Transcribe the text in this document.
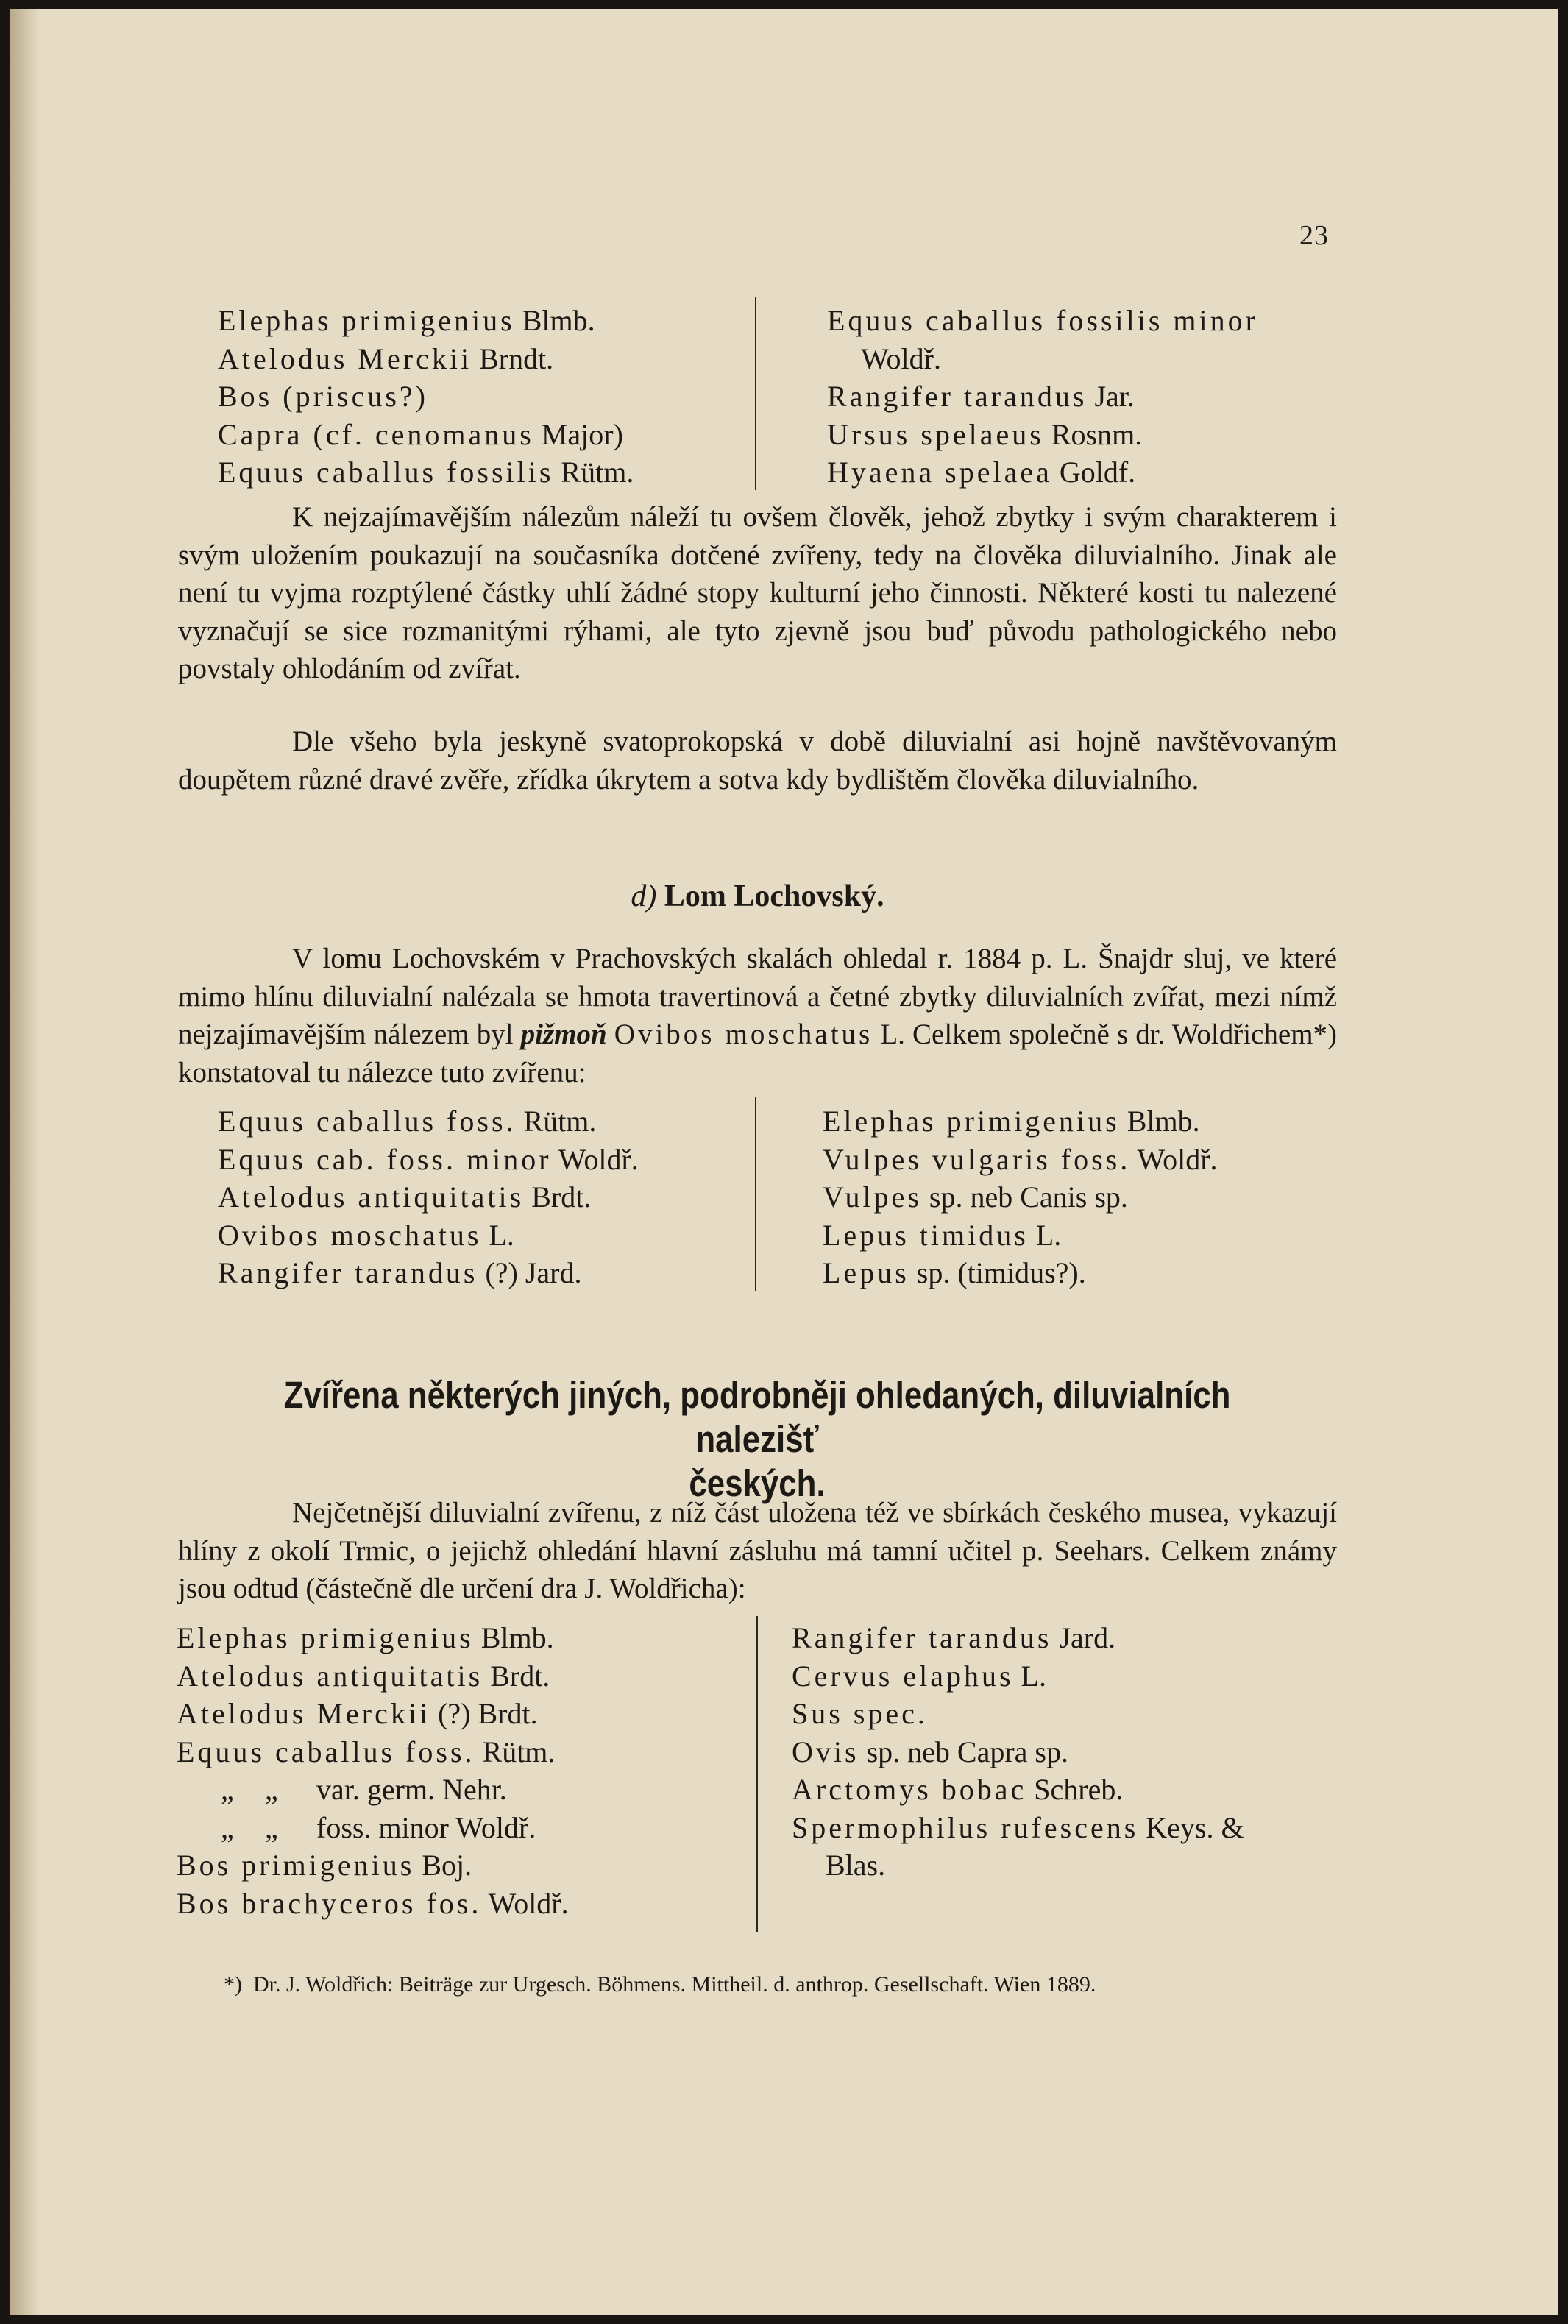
23
Elephas primigenius Blmb.
Atelodus Merckii Brndt.
Bos (priscus?)
Capra (cf. cenomanus Major)
Equus caballus fossilis Rütm.
Equus caballus fossilis minor
Woldř.
Rangifer tarandus Jar.
Ursus spelaeus Rosnm.
Hyaena spelaea Goldf.

K nejzajímavějším nálezům náleží tu ovšem člověk, jehož zbytky i svým charakterem i svým uložením poukazují na současníka dotčené zvířeny, tedy na člověka diluvialního. Jinak ale není tu vyjma rozptýlené částky uhlí žádné stopy kulturní jeho činnosti. Některé kosti tu nalezené vyznačují se sice rozmanitými rýhami, ale tyto zjevně jsou buď původu pathologického nebo povstaly ohlodáním od zvířat.

Dle všeho byla jeskyně svatoprokopská v době diluvialní asi hojně navštěvovaným doupětem různé dravé zvěře, zřídka úkrytem a sotva kdy bydlištěm člověka diluvialního.

d) Lom Lochovský.

V lomu Lochovském v Prachovských skalách ohledal r. 1884 p. L. Šnajdr sluj, ve které mimo hlínu diluvialní nalézala se hmota travertinová a četné zbytky diluvialních zvířat, mezi nímž nejzajímavějším nálezem byl pižmoň Ovibos moschatus L. Celkem společně s dr. Woldřichem*) konstatoval tu nálezce tuto zvířenu:

Equus caballus foss. Rütm.
Equus cab. foss. minor Woldř.
Atelodus antiquitatis Brdt.
Ovibos moschatus L.
Rangifer tarandus (?) Jard.
Elephas primigenius Blmb.
Vulpes vulgaris foss. Woldř.
Vulpes sp. neb Canis sp.
Lepus timidus L.
Lepus sp. (timidus?).
Zvířena některých jiných, podrobněji ohledaných, diluvialních nalezišť
českých.

Nejčetnější diluvialní zvířenu, z níž část uložena též ve sbírkách českého musea, vykazují hlíny z okolí Trmic, o jejichž ohledání hlavní zásluhu má tamní učitel p. Seehars. Celkem známy jsou odtud (částečně dle určení dra J. Woldřicha):

Elephas primigenius Blmb.
Atelodus antiquitatis Brdt.
Atelodus Merckii (?) Brdt.
Equus caballus foss. Rütm.
„ „ var. germ. Nehr.
„ „ foss. minor Woldř.
Bos primigenius Boj.
Bos brachyceros fos. Woldř.
Rangifer tarandus Jard.
Cervus elaphus L.
Sus spec.
Ovis sp. neb Capra sp.
Arctomys bobac Schreb.
Spermophilus rufescens Keys. &
Blas.
*) Dr. J. Woldřich: Beiträge zur Urgesch. Böhmens. Mittheil. d. anthrop. Gesellschaft. Wien 1889.
